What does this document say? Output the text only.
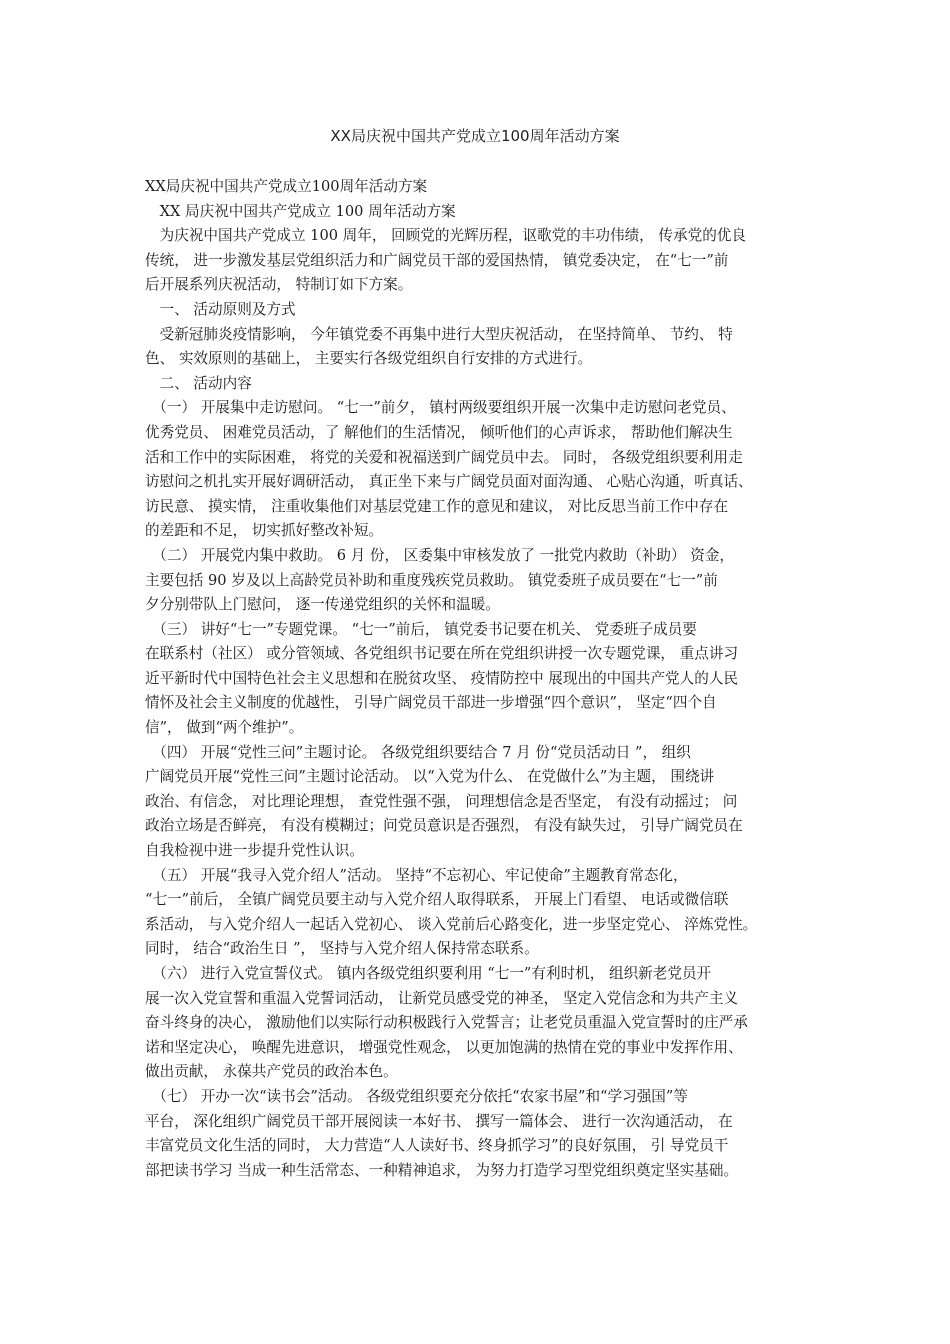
XX局庆祝中国共产党成立100周年活动方案
XX局庆祝中国共产党成立100周年活动方案
　XX 局庆祝中国共产党成立 100 周年活动方案
　为庆祝中国共产党成立 100 周年， 回顾党的光辉历程，讴歌党的丰功伟绩， 传承党的优良
传统， 进一步激发基层党组织活力和广阔党员干部的爱国热情， 镇党委决定， 在“七一”前
后开展系列庆祝活动， 特制订如下方案。
　一、 活动原则及方式
　受新冠肺炎疫情影响， 今年镇党委不再集中进行大型庆祝活动， 在坚持简单、 节约、 特
色、 实效原则的基础上， 主要实行各级党组织自行安排的方式进行。
　二、 活动内容
　（一） 开展集中走访慰问。 “七一”前夕， 镇村两级要组织开展一次集中走访慰问老党员、
优秀党员、 困难党员活动，了 解他们的生活情况， 倾听他们的心声诉求， 帮助他们解决生
活和工作中的实际困难， 将党的关爱和祝福送到广阔党员中去。 同时， 各级党组织要利用走
访慰问之机扎实开展好调研活动， 真正坐下来与广阔党员面对面沟通、 心贴心沟通，听真话、
访民意、 摸实情， 注重收集他们对基层党建工作的意见和建议， 对比反思当前工作中存在
的差距和不足， 切实抓好整改补短。
　（二） 开展党内集中救助。 6 月 份， 区委集中审核发放了 一批党内救助（补助） 资金，
主要包括 90 岁及以上高龄党员补助和重度残疾党员救助。 镇党委班子成员要在“七一”前
夕分别带队上门慰问， 逐一传递党组织的关怀和温暖。
　（三） 讲好“七一”专题党课。 “七一”前后， 镇党委书记要在机关、 党委班子成员要
在联系村（社区） 或分管领域、各党组织书记要在所在党组织讲授一次专题党课， 重点讲习
近平新时代中国特色社会主义思想和在脱贫攻坚、 疫情防控中 展现出的中国共产党人的人民
情怀及社会主义制度的优越性， 引导广阔党员干部进一步增强“四个意识”， 坚定“四个自
信”， 做到“两个维护”。
　（四） 开展“党性三问”主题讨论。 各级党组织要结合 7 月 份“党员活动日 ”， 组织
广阔党员开展“党性三问”主题讨论活动。 以“入党为什么、 在党做什么”为主题， 围绕讲
政治、有信念， 对比理论理想， 查党性强不强， 问理想信念是否坚定， 有没有动摇过； 问
政治立场是否鲜亮， 有没有模糊过；问党员意识是否强烈， 有没有缺失过， 引导广阔党员在
自我检视中进一步提升党性认识。
　（五） 开展“我寻入党介绍人”活动。 坚持“不忘初心、牢记使命”主题教育常态化，
“七一”前后， 全镇广阔党员要主动与入党介绍人取得联系， 开展上门看望、 电话或微信联
系活动， 与入党介绍人一起话入党初心、 谈入党前后心路变化，进一步坚定党心、 淬炼党性。
同时， 结合“政治生日 ”， 坚持与入党介绍人保持常态联系。
　（六） 进行入党宣誓仪式。 镇内各级党组织要利用 “七一”有利时机， 组织新老党员开
展一次入党宣誓和重温入党誓词活动， 让新党员感受党的神圣， 坚定入党信念和为共产主义
奋斗终身的决心， 激励他们以实际行动积极践行入党誓言；让老党员重温入党宣誓时的庄严承
诺和坚定决心， 唤醒先进意识， 增强党性观念， 以更加饱满的热情在党的事业中发挥作用、
做出贡献， 永葆共产党员的政治本色。
　（七） 开办一次“读书会”活动。 各级党组织要充分依托“农家书屋”和“学习强国”等
平台， 深化组织广阔党员干部开展阅读一本好书、 撰写一篇体会、 进行一次沟通活动， 在
丰富党员文化生活的同时， 大力营造“人人读好书、终身抓学习”的良好氛围， 引 导党员干
部把读书学习 当成一种生活常态、一种精神追求， 为努力打造学习型党组织奠定坚实基础。
